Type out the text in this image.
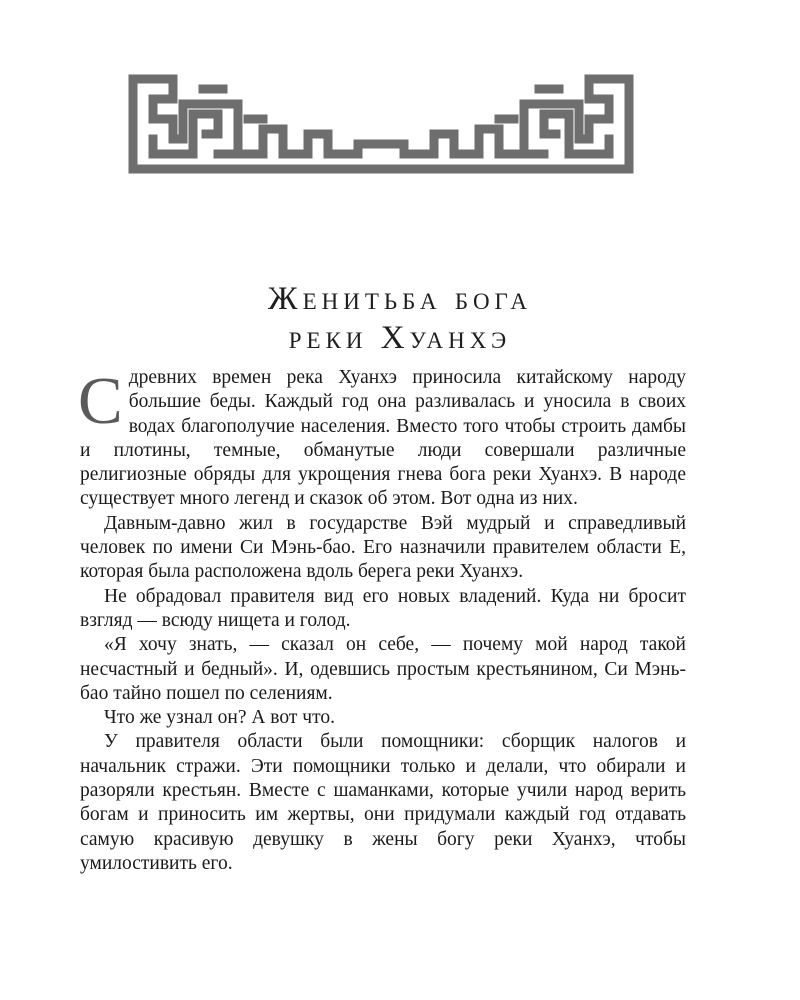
Женитьба бога
реки Хуанхэ

Сдревних времен река Хуанхэ приносила китайскому народу большие беды. Каждый год она разливалась и уносила в своих водах благополучие населения. Вместо того чтобы строить дамбы и плотины, темные, обманутые люди совершали различные религиозные обряды для укрощения гнева бога реки Хуанхэ. В народе существует много легенд и сказок об этом. Вот одна из них.

Давным-давно жил в государстве Вэй мудрый и справедливый человек по имени Си Мэнь-бао. Его назначили правителем области Е, которая была расположена вдоль берега реки Хуанхэ.

Не обрадовал правителя вид его новых владений. Куда ни бросит взгляд — всюду нищета и голод.

«Я хочу знать, — сказал он себе, — почему мой народ такой несчастный и бедный». И, одевшись простым крестьянином, Си Мэнь-бао тайно пошел по селениям.

Что же узнал он? А вот что.

У правителя области были помощники: сборщик налогов и начальник стражи. Эти помощники только и делали, что обирали и разоряли крестьян. Вместе с шаманками, которые учили народ верить богам и приносить им жертвы, они придумали каждый год отдавать самую красивую девушку в жены богу реки Хуанхэ, чтобы умилостивить его.
